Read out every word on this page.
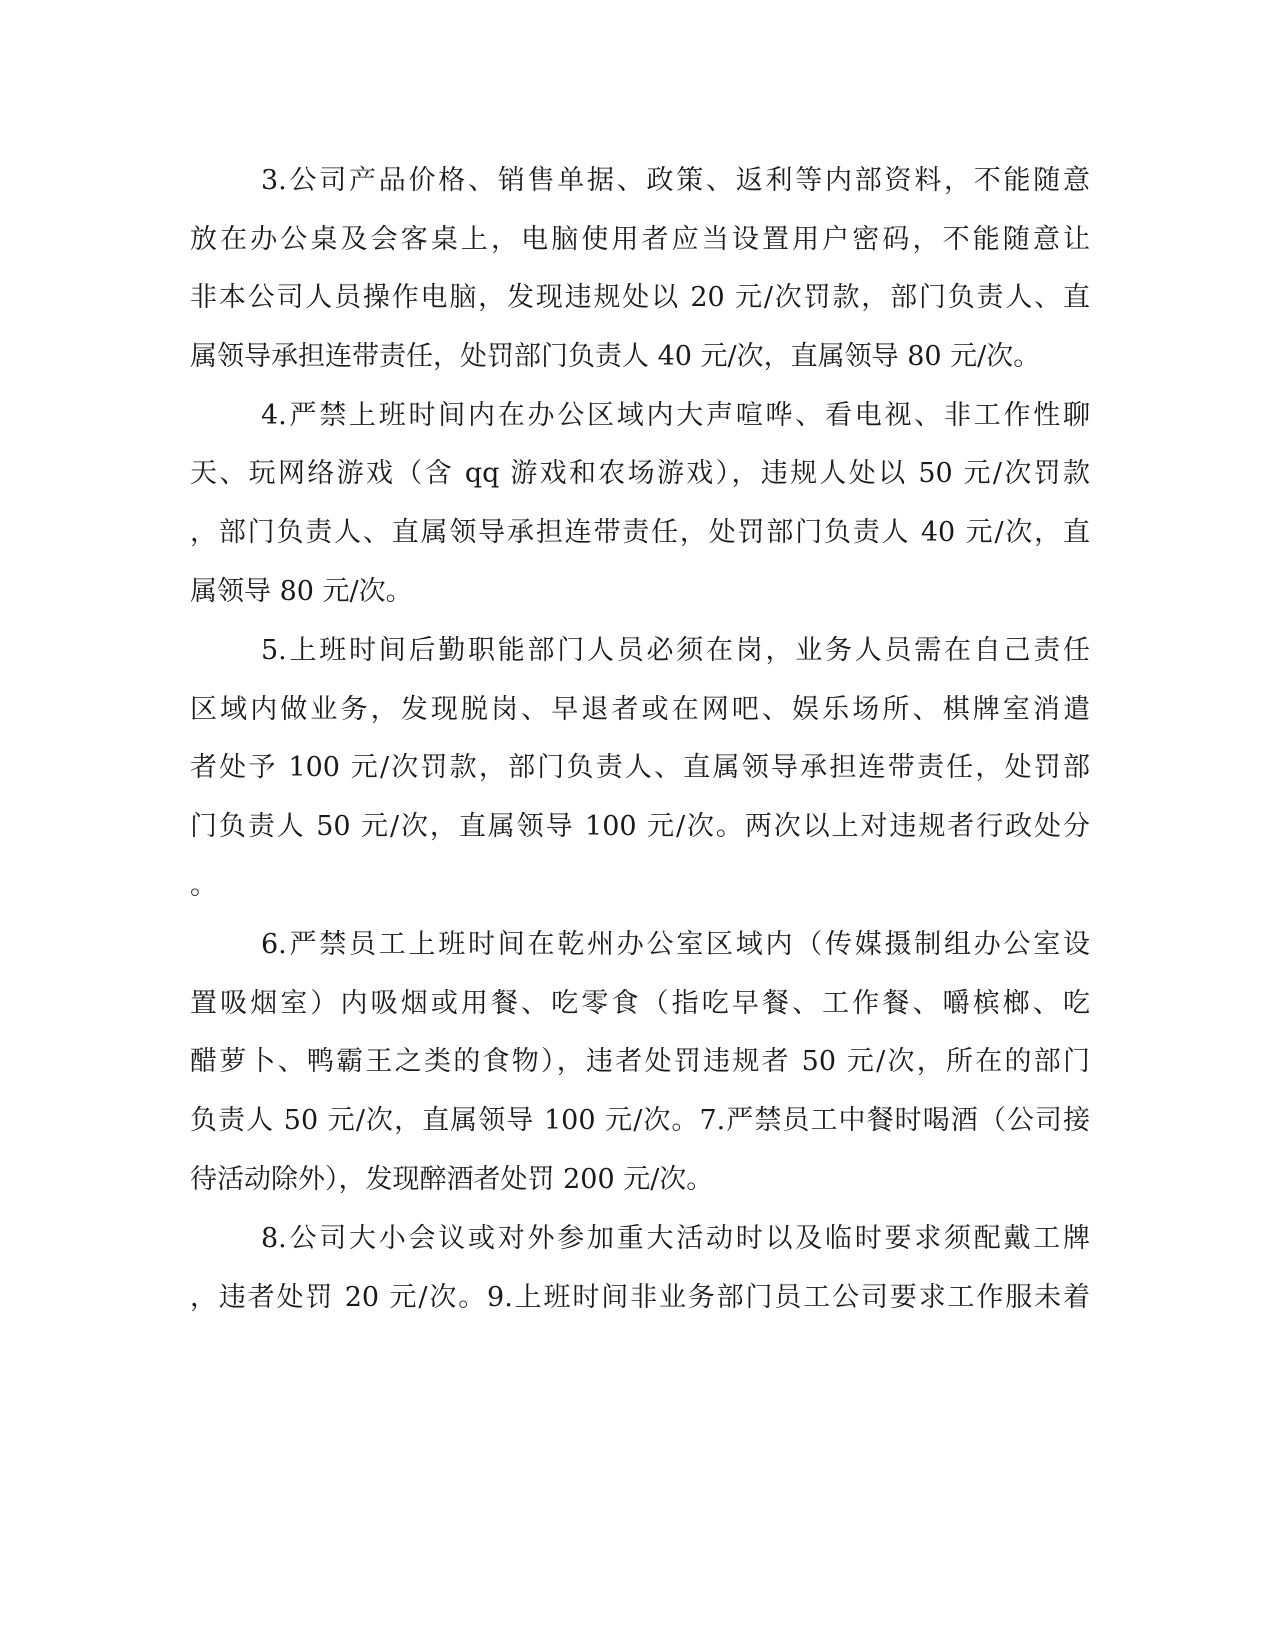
3.公司产品价格、销售单据、政策、返利等内部资料，不能随意
放在办公桌及会客桌上，电脑使用者应当设置用户密码，不能随意让
非本公司人员操作电脑，发现违规处以 20 元/次罚款，部门负责人、直
属领导承担连带责任，处罚部门负责人 40 元/次，直属领导 80 元/次。
4.严禁上班时间内在办公区域内大声喧哗、看电视、非工作性聊
天、玩网络游戏（含 qq 游戏和农场游戏），违规人处以 50 元/次罚款
，部门负责人、直属领导承担连带责任，处罚部门负责人 40 元/次，直
属领导 80 元/次。
5.上班时间后勤职能部门人员必须在岗，业务人员需在自己责任
区域内做业务，发现脱岗、早退者或在网吧、娱乐场所、棋牌室消遣
者处予 100 元/次罚款，部门负责人、直属领导承担连带责任，处罚部
门负责人 50 元/次，直属领导 100 元/次。两次以上对违规者行政处分
。
6.严禁员工上班时间在乾州办公室区域内（传媒摄制组办公室设
置吸烟室）内吸烟或用餐、吃零食（指吃早餐、工作餐、嚼槟榔、吃
醋萝卜、鸭霸王之类的食物），违者处罚违规者 50 元/次，所在的部门
负责人 50 元/次，直属领导 100 元/次。7.严禁员工中餐时喝酒（公司接
待活动除外），发现醉酒者处罚 200 元/次。
8.公司大小会议或对外参加重大活动时以及临时要求须配戴工牌
，违者处罚 20 元/次。9.上班时间非业务部门员工公司要求工作服未着
